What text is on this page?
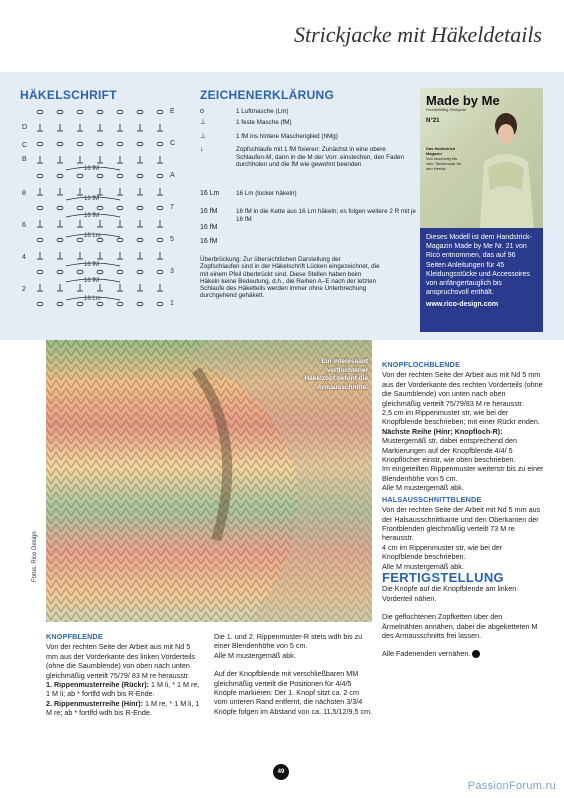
Strickjacke mit Häkeldetails
HÄKELSCHRIFT
D
C
B
8
6
4
2
E
C
A
7
5
3
1
16 fM
16 fM
16 fM
16 Lm
16 fM
16 fM
16 Lm
ZEICHENERKLÄRUNG
o	1 Luftmasche (Lm)
⊥	1 feste Masche (fM)
⊥	1 fM ins hintere Maschenglied (hMg)
↓	Zopfschlaufe mit 1 fM fixieren: Zunächst in eine obere Schlaufen-M, dann in die M der Vorr. einstechen, den Faden durchholen und die fM wie gewohnt beenden
16 Lm	16 Lm (locker häkeln)
16 fM	16 fM in die Kette aus 16 Lm häkeln; es folgen weitere 2 R mit je 16 fM
16 fM
16 fM
Überbrückung: Zur übersichtlichen Darstellung der Zopfschlaufen sind in der Häkelschrift Lücken eingezeichnet, die mit einem Pfeil überbrückt sind. Diese Stellen haben beim Häkeln keine Bedeutung, d.h., die Reihen A–E nach der letzten Schlaufe des Häkelteils werden immer ohne Unterbrechung durchgehend gehäkelt.
Made by Me
Frischluftlifting Strickjacke
N°21
Das Handstrick Magazin
Von kuschelig bis chic: Strickmode für den Herbst
Dieses Modell ist dem Handstrick-Magazin Made by Me Nr. 21 von Rico entnommen, das auf 96 Seiten Anleitungen für 45 Kleidungsstücke und Accessoires von anfängertauglich bis anspruchsvoll enthält.
www.rico-design.com
Fotos: Rico Design
Ein interessant verflochtener Häkelzopf betont die Armausschnitte.
KNOPFBLENDE

Von der rechten Seite der Arbeit aus mit Nd 5 mm aus der Vorderkante des linken Vorderteils (ohne die Saumblende) von oben nach unten gleichmäßig verteilt 75/79/ 83 M re herausstr.

1. Rippenmusterreihe (Rückr): 1 M li, * 1 M re, 1 M li; ab * fortlfd wdh bis R-Ende.

2. Rippenmusterreihe (Hinr): 1 M re, * 1 M li, 1 M re; ab * fortlfd wdh bis R-Ende.

Die 1. und 2. Rippenmuster-R stets wdh bis zu einer Blendenhöhe von 5 cm.

Alle M mustergemäß abk.

Auf der Knopfblende mit verschließbaren MM gleichmäßig verteilt die Positionen für 4/4/5 Knöpfe markieren: Der 1. Knopf sitzt ca. 2 cm vom unteren Rand entfernt, die nächsten 3/3/4 Knöpfe folgen im Abstand von ca. 11,5/12/9,5 cm.

KNOPFLOCHBLENDE

Von der rechten Seite der Arbeit aus mit Nd 5 mm aus der Vorderkante des rechten Vorderteils (ohne die Saumblende) von unten nach oben gleichmäßig verteilt 75/79/83 M re herausstr.

2,5 cm im Rippenmuster str, wie bei der Knopfblende beschrieben; mit einer Rückr enden.

Nächste Reihe (Hinr; Knopfloch-R): Mustergemäß str, dabei entsprechend den Markierungen auf der Knopfblende 4/4/ 5 Knopflöcher einstr, wie oben beschrieben.

Im eingeteilten Rippenmuster weiterstr bis zu einer Blendenhöhe von 5 cm.

Alle M mustergemäß abk.

HALSAUSSCHNITTBLENDE

Von der rechten Seite der Arbeit mit Nd 5 mm aus der Halsausschnittkante und den Oberkanten der Frontblenden gleichmäßig verteilt 73 M re herausstr.

4 cm im Rippenmuster str, wie bei der Knopfblende beschrieben.

Alle M mustergemäß abk.

FERTIGSTELLUNG

Die Knöpfe auf die Knopfblende am linken Vorderteil nähen.

Die geflochtenen Zopfketten über den Ärmelnähten annähen, dabei die abgeketteten M des Armausschnitts frei lassen.

Alle Fadenenden vernähen.

49
PassionForum.ru
